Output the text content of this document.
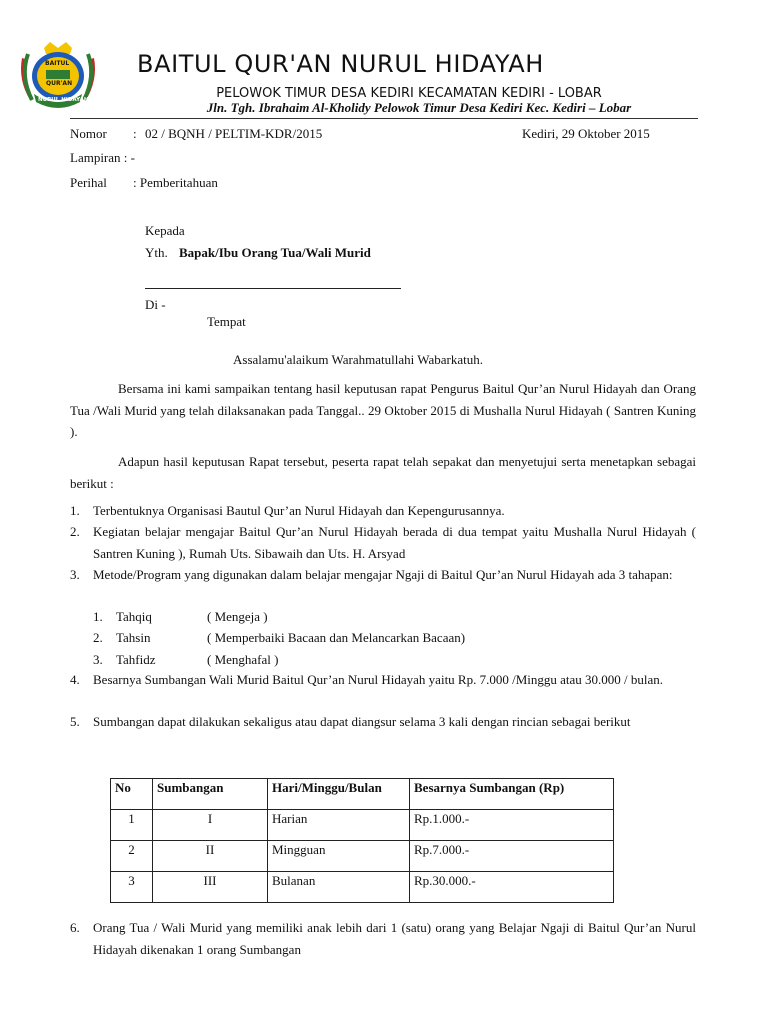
BAITUL
QUR'AN
NURUL HIDAYAH
BAITUL QUR'AN NURUL HIDAYAH
PELOWOK TIMUR DESA KEDIRI KECAMATAN KEDIRI - LOBAR
Jln. Tgh. Ibrahaim Al-Kholidy Pelowok Timur Desa Kediri Kec. Kediri – Lobar
Nomor : 02 / BQNH / PELTIM-KDR/2015	Kediri, 29 Oktober 2015
Lampiran : -
Perihal : Pemberitahuan
Kepada
Yth. Bapak/Ibu Orang Tua/Wali Murid
Di -
Tempat
Assalamu'alaikum Warahmatullahi Wabarkatuh.
Bersama ini kami sampaikan tentang hasil keputusan rapat Pengurus Baitul Qur’an Nurul Hidayah dan Orang Tua /Wali Murid yang telah dilaksanakan pada Tanggal.. 29 Oktober 2015 di Mushalla Nurul Hidayah ( Santren Kuning ).
Adapun hasil keputusan Rapat tersebut, peserta rapat telah sepakat dan menyetujui serta menetapkan sebagai berikut :
1. Terbentuknya Organisasi Bautul Qur’an Nurul Hidayah dan Kepengurusannya.
2. Kegiatan belajar mengajar Baitul Qur’an Nurul Hidayah berada di dua tempat yaitu Mushalla Nurul Hidayah ( Santren Kuning ), Rumah Uts. Sibawaih dan Uts. H. Arsyad
3. Metode/Program yang digunakan dalam belajar mengajar Ngaji di Baitul Qur’an Nurul Hidayah ada 3 tahapan:
1. Tahqiq	( Mengeja )
2. Tahsin	( Memperbaiki Bacaan dan Melancarkan Bacaan)
3. Tahfidz	( Menghafal )
4. Besarnya Sumbangan Wali Murid Baitul Qur’an Nurul Hidayah yaitu Rp. 7.000 /Minggu atau 30.000 / bulan.
5. Sumbangan dapat dilakukan sekaligus atau dapat diangsur selama 3 kali dengan rincian sebagai berikut
No	Sumbangan	Hari/Minggu/Bulan	Besarnya Sumbangan (Rp)
1	I	Harian	Rp.1.000.-
2	II	Mingguan	Rp.7.000.-
3	III	Bulanan	Rp.30.000.-
6. Orang Tua / Wali Murid yang memiliki anak lebih dari 1 (satu) orang yang Belajar Ngaji di Baitul Qur’an Nurul Hidayah dikenakan 1 orang Sumbangan
